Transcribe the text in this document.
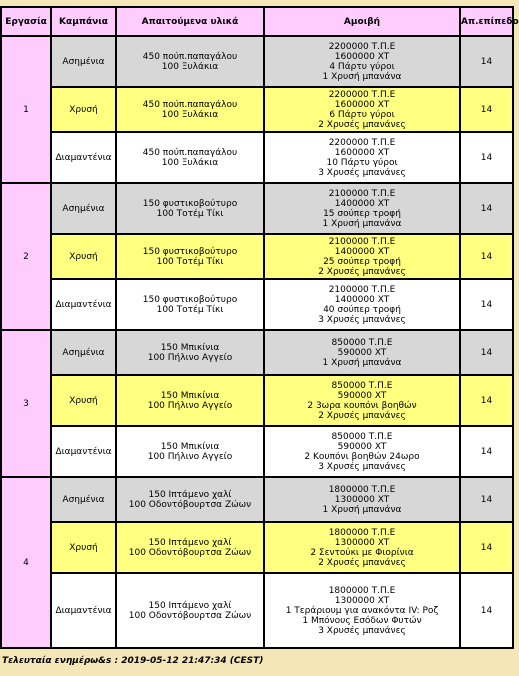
Εργασία	Καμπάνια	Απαιτούμενα υλικά	Αμοιβή	Απ.επίπεδο
1	Ασημένια	450 πούπ.παπαγάλου
100 Ξυλάκια	2200000 Τ.Π.Ε
1600000 XT
4 Πάρτυ γύροι
1 Χρυσή μπανάνα	14
	Χρυσή	450 πούπ.παπαγάλου
100 Ξυλάκια	2200000 Τ.Π.Ε
1600000 XT
6 Πάρτυ γύροι
2 Χρυσές μπανάνες	14
	Διαμαντένια	450 πούπ.παπαγάλου
100 Ξυλάκια	2200000 Τ.Π.Ε
1600000 XT
10 Πάρτυ γύροι
3 Χρυσές μπανάνες	14
2	Ασημένια	150 φυστικοβούτυρο
100 Τοτέμ Τίκι	2100000 Τ.Π.Ε
1400000 XT
15 σούπερ τροφή
1 Χρυσή μπανάνα	14
	Χρυσή	150 φυστικοβούτυρο
100 Τοτέμ Τίκι	2100000 Τ.Π.Ε
1400000 XT
25 σούπερ τροφή
2 Χρυσές μπανάνες	14
	Διαμαντένια	150 φυστικοβούτυρο
100 Τοτέμ Τίκι	2100000 Τ.Π.Ε
1400000 XT
40 σούπερ τροφή
3 Χρυσές μπανάνες	14
3	Ασημένια	150 Μπικίνια
100 Πήλινο Αγγείο	850000 Τ.Π.Ε
590000 XT
1 Χρυσή μπανάνα	14
	Χρυσή	150 Μπικίνια
100 Πήλινο Αγγείο	850000 Τ.Π.Ε
590000 XT
2 3ωρα κουπόνι βοηθών
2 Χρυσές μπανάνες	14
	Διαμαντένια	150 Μπικίνια
100 Πήλινο Αγγείο	850000 Τ.Π.Ε
590000 XT
2 Κουπόνι βοηθών 24ωρο
3 Χρυσές μπανάνες	14
4	Ασημένια	150 Ιπτάμενο χαλί
100 Οδοντόβουρτσα Ζώων	1800000 Τ.Π.Ε
1300000 XT
1 Χρυσή μπανάνα	14
	Χρυσή	150 Ιπτάμενο χαλί
100 Οδοντόβουρτσα Ζώων	1800000 Τ.Π.Ε
1300000 XT
2 Σεντούκι με Φιορίνια
2 Χρυσές μπανάνες	14
	Διαμαντένια	150 Ιπτάμενο χαλί
100 Οδοντόβουρτσα Ζώων	1800000 Τ.Π.Ε
1300000 XT
1 Τεράριουμ για ανακόντα IV: Ροζ
1 Μπόνους Εσόδων Φυτών
3 Χρυσές μπανάνες	14
Τελευταία ενημέρω&s : 2019-05-12 21:47:34 (CEST)
